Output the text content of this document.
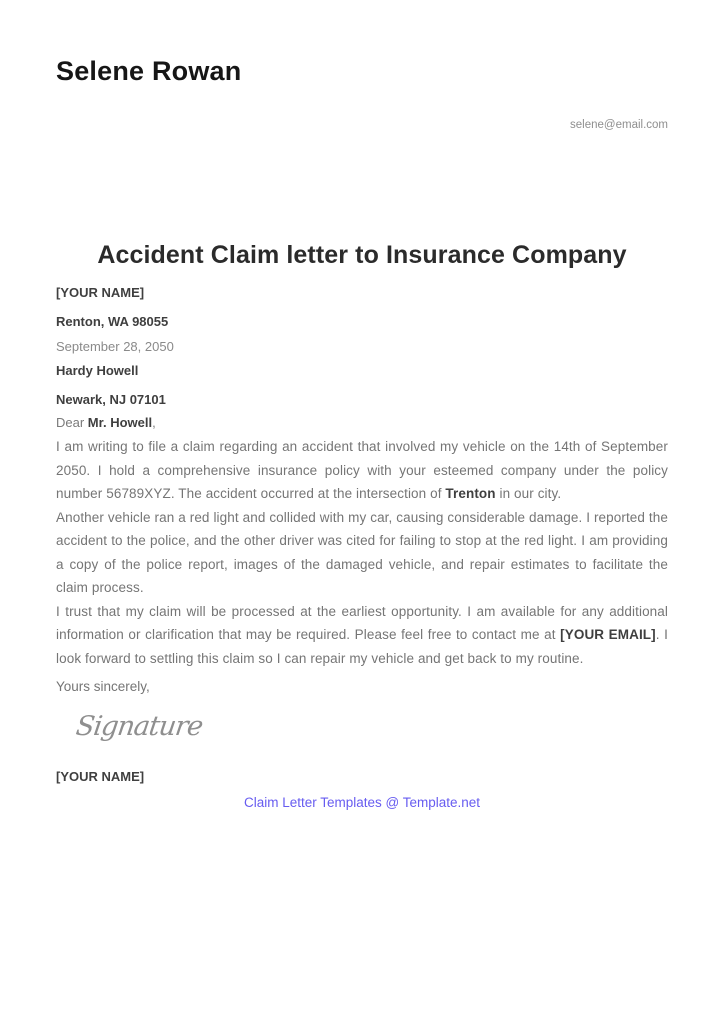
Selene Rowan
selene@email.com
Accident Claim letter to Insurance Company
[YOUR NAME]
Renton, WA 98055
September 28, 2050
Hardy Howell
Newark, NJ 07101
Dear Mr. Howell,

I am writing to file a claim regarding an accident that involved my vehicle on the 14th of September 2050. I hold a comprehensive insurance policy with your esteemed company under the policy number 56789XYZ. The accident occurred at the intersection of Trenton in our city.

Another vehicle ran a red light and collided with my car, causing considerable damage. I reported the accident to the police, and the other driver was cited for failing to stop at the red light. I am providing a copy of the police report, images of the damaged vehicle, and repair estimates to facilitate the claim process.

I trust that my claim will be processed at the earliest opportunity. I am available for any additional information or clarification that may be required. Please feel free to contact me at [YOUR EMAIL]. I look forward to settling this claim so I can repair my vehicle and get back to my routine.

Yours sincerely,
Signature
[YOUR NAME]
Claim Letter Templates @ Template.net
